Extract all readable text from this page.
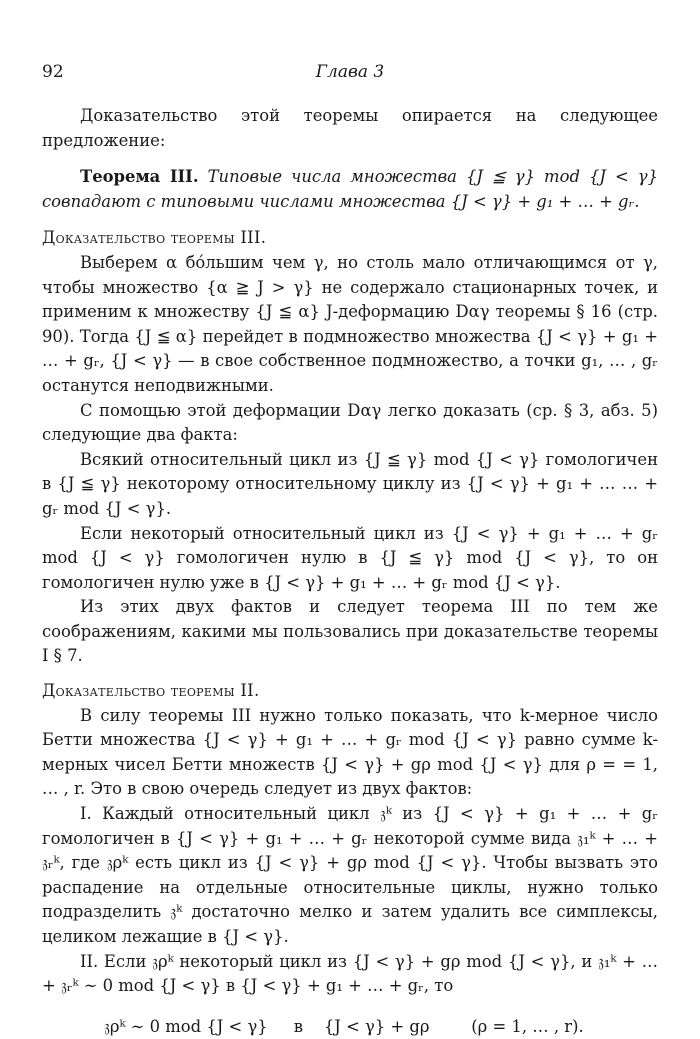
92	Глава 3

Доказательство этой теоремы опирается на следующее предложение:

Теорема III. Типовые числа множества {J ≦ γ} mod {J < γ} совпадают с типовыми числами множества {J < γ} + g₁ + … + gᵣ.

Доказательство теоремы III.

Выберем α бо́льшим чем γ, но столь мало отличающимся от γ, чтобы множество {α ≧ J > γ} не содержало стационарных точек, и применим к множеству {J ≦ α} J-деформацию Dαγ теоремы § 16 (стр. 90). Тогда {J ≦ α} перейдет в подмножество множества {J < γ} + g₁ + … + gᵣ, {J < γ} — в свое собственное подмножество, а точки g₁, … , gᵣ останутся неподвижными.

С помощью этой деформации Dαγ легко доказать (ср. § 3, абз. 5) следующие два факта:

Всякий относительный цикл из {J ≦ γ} mod {J < γ} гомологичен в {J ≦ γ} некоторому относительному циклу из {J < γ} + g₁ + … … + gᵣ mod {J < γ}.

Если некоторый относительный цикл из {J < γ} + g₁ + … + gᵣ mod {J < γ} гомологичен нулю в {J ≦ γ} mod {J < γ}, то он гомологичен нулю уже в {J < γ} + g₁ + … + gᵣ mod {J < γ}.

Из этих двух фактов и следует теорема III по тем же соображениям, какими мы пользовались при доказательстве теоремы I § 7.

Доказательство теоремы II.

В силу теоремы III нужно только показать, что k-мерное число Бетти множества {J < γ} + g₁ + … + gᵣ mod {J < γ} равно сумме k-мерных чисел Бетти множеств {J < γ} + gρ mod {J < γ} для ρ = = 1, … , r. Это в свою очередь следует из двух фактов:

I. Каждый относительный цикл 𝔷ᵏ из {J < γ} + g₁ + … + gᵣ гомологичен в {J < γ} + g₁ + … + gᵣ некоторой сумме вида 𝔷₁ᵏ + … + 𝔷ᵣᵏ, где 𝔷ρᵏ есть цикл из {J < γ} + gρ mod {J < γ}. Чтобы вызвать это распадение на отдельные относительные циклы, нужно только подразделить 𝔷ᵏ достаточно мелко и затем удалить все симплексы, целиком лежащие в {J < γ}.

II. Если 𝔷ρᵏ некоторый цикл из {J < γ} + gρ mod {J < γ}, и 𝔷₁ᵏ + … + 𝔷ᵣᵏ ∼ 0 mod {J < γ} в {J < γ} + g₁ + … + gᵣ, то

𝔷ρᵏ ∼ 0 mod {J < γ} в {J < γ} + gρ	(ρ = 1, … , r).
